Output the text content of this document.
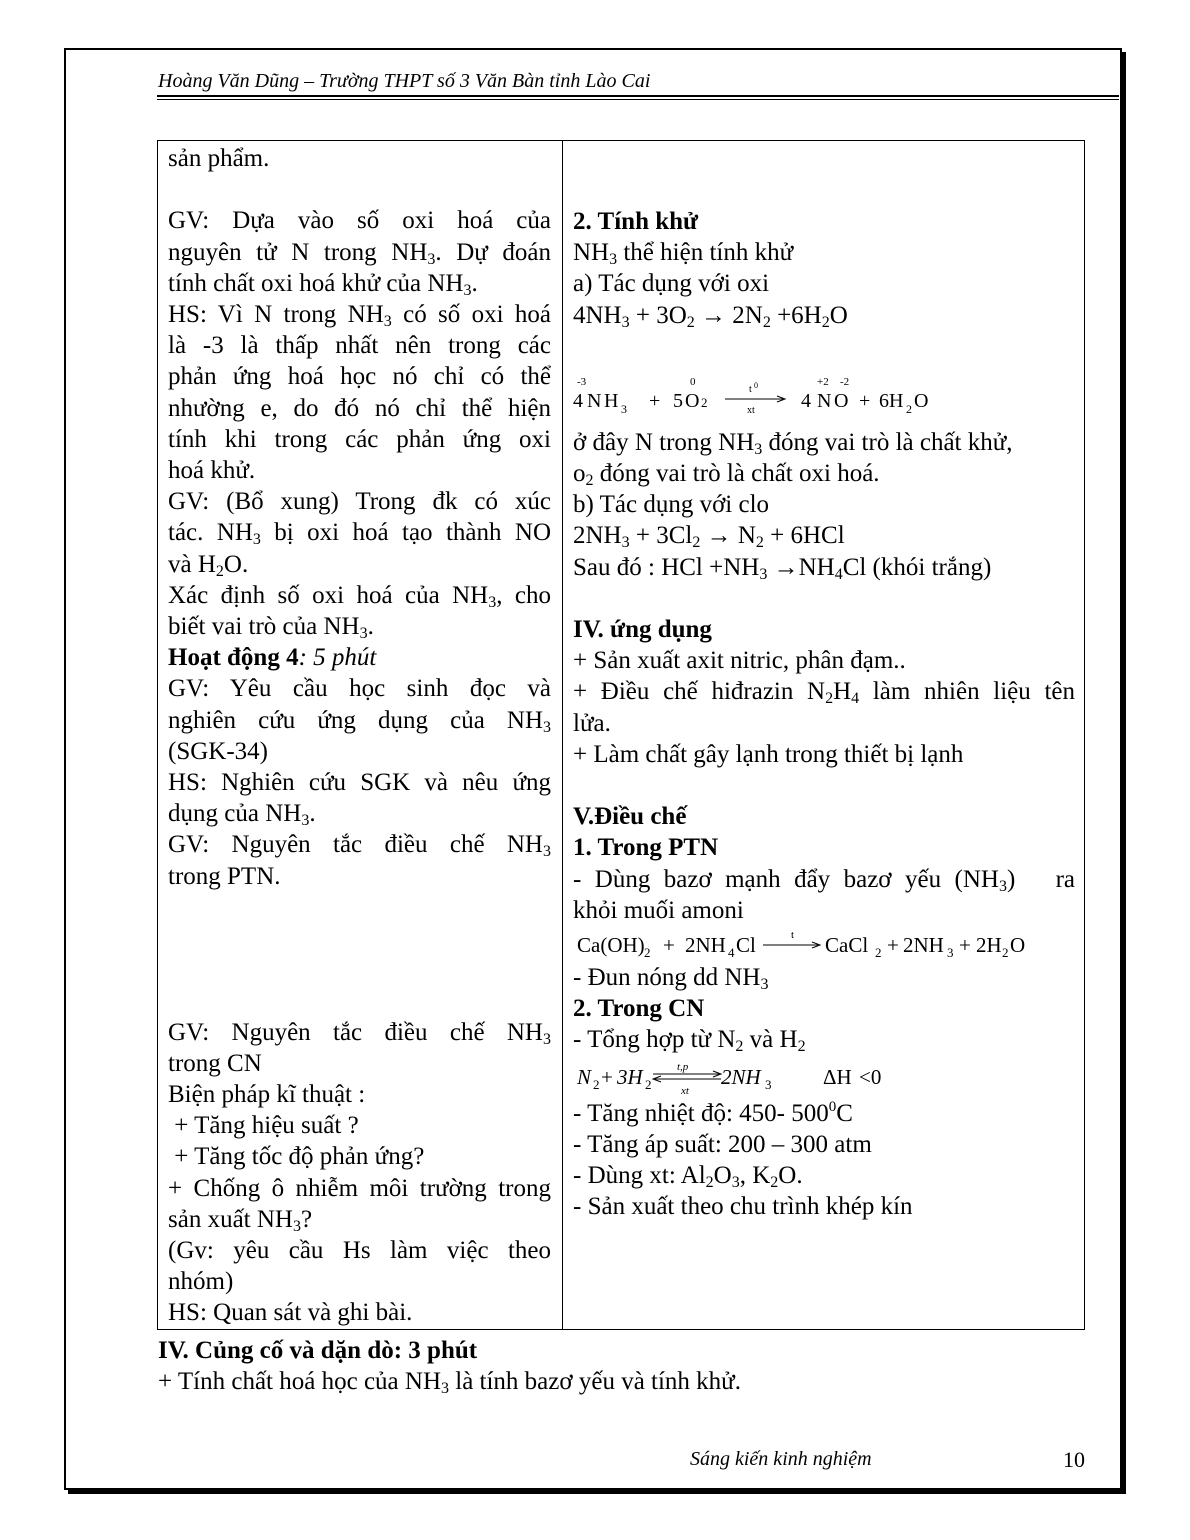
Hoàng Văn Dũng – Trường THPT số 3 Văn Bàn tỉnh Lào Cai
sản phẩm.
GV: Dựa vào số oxi hoá của
nguyên tử N trong $NH_3$. Dự đoán
tính chất oxi hoá khử của $NH_3$.
HS: Vì N trong $NH_3$ có số oxi hoá
là -3 là thấp nhất nên trong các
phản ứng hoá học nó chỉ có thể
nhường e, do đó nó chỉ thể hiện
tính khi trong các phản ứng oxi
hoá khử.
GV: (Bổ xung) Trong đk có xúc
tác. $NH_3$ bị oxi hoá tạo thành NO
và $H_2O$.
Xác định số oxi hoá của $NH_3$, cho
biết vai trò của $NH_3$.
Hoạt động 4: 5 phút
GV: Yêu cầu học sinh đọc và
nghiên cứu ứng dụng của $NH_3$
(SGK-34)
HS: Nghiên cứu SGK và nêu ứng
dụng của $NH_3$.
GV: Nguyên tắc điều chế $NH_3$
trong PTN.
GV: Nguyên tắc điều chế $NH_3$
trong CN
Biện pháp kĩ thuật :
+ Tăng hiệu suất ?
+ Tăng tốc độ phản ứng?
+ Chống ô nhiễm môi trường trong
sản xuất $NH_3$?
(Gv: yêu cầu Hs làm việc theo
nhóm)
HS: Quan sát và ghi bài.
2. Tính khử
$NH_3$ thể hiện tính khử
a) Tác dụng với oxi
$4NH_3 + 3O_2 \to 2N_2 +6H_2O$
-3
4 N H 3 + 5
0
O 2
t 0
xt 4
+2 -2
N O + 6H 2 O
ở đây N trong $NH_3$ đóng vai trò là chất khử,
$o_2$ đóng vai trò là chất oxi hoá.
b) Tác dụng với clo
$2NH_3 + 3Cl_2 \to N_2 + 6HCl$
Sau đó : HCl $+NH_3 \to NH_4Cl$ (khói trắng)
IV. ứng dụng
+ Sản xuất axit nitric, phân đạm..
+ Điều chế hiđrazin $N_2H_4$ làm nhiên liệu tên
lửa.
+ Làm chất gây lạnh trong thiết bị lạnh
V.Điều chế
1. Trong PTN
- Dùng bazơ mạnh đẩy bazơ yếu $(NH_3)$   ra
khỏi muối amoni
Ca(OH) 2 + 2NH 4 Cl	t CaCl 2 + 2NH 3 + 2H 2 O
- Đun nóng dd $NH_3$
2. Trong CN
- Tổng hợp từ $N_2$ và $H_2$
N 2 + 3H 2
t,p
xt
2NH 3 ΔH <0
- Tăng nhiệt độ: 450- $500^0C$
- Tăng áp suất: 200 – 300 atm
- Dùng xt: $Al_2O_3$, $K_2O$.
- Sản xuất theo chu trình khép kín
IV. Củng cố và dặn dò: 3 phút
+ Tính chất hoá học của $NH_3$ là tính bazơ yếu và tính khử.
Sáng kiến kinh nghiệm	10
